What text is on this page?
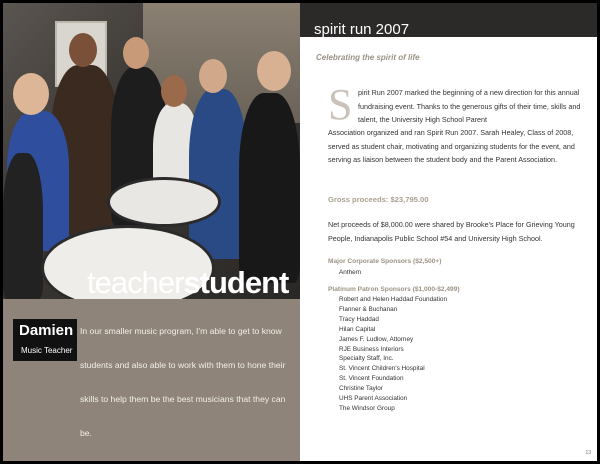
teacherstudent
Damien
Music Teacher
In our smaller music program, I'm able to get to know students and also able to work with them to hone their skills to help them be the best musicians that they can be.
spirit run 2007
Celebrating the spirit of life
S pirit Run 2007 marked the beginning of a new direction for this annual fundraising event. Thanks to the generous gifts of their time, skills and talent, the University High School Parent
Association organized and ran Spirit Run 2007. Sarah Healey, Class of 2008, served as student chair, motivating and organizing students for the event, and serving as liaison between the student body and the Parent Association.
Gross proceeds: $23,795.00
Net proceeds of $8,000.00 were shared by Brooke's Place for Grieving Young People, Indianapolis Public School #54 and University High School.
Major Corporate Sponsors ($2,500+)
Anthem
Platinum Patron Sponsors ($1,000-$2,499)
Robert and Helen Haddad Foundation
Flanner & Buchanan
Tracy Haddad
Hilan Capital
James F. Ludlow, Attorney
RJE Business Interiors
Specialty Staff, Inc.
St. Vincent Children's Hospital
St. Vincent Foundation
Christine Taylor
UHS Parent Association
The Windsor Group
13
